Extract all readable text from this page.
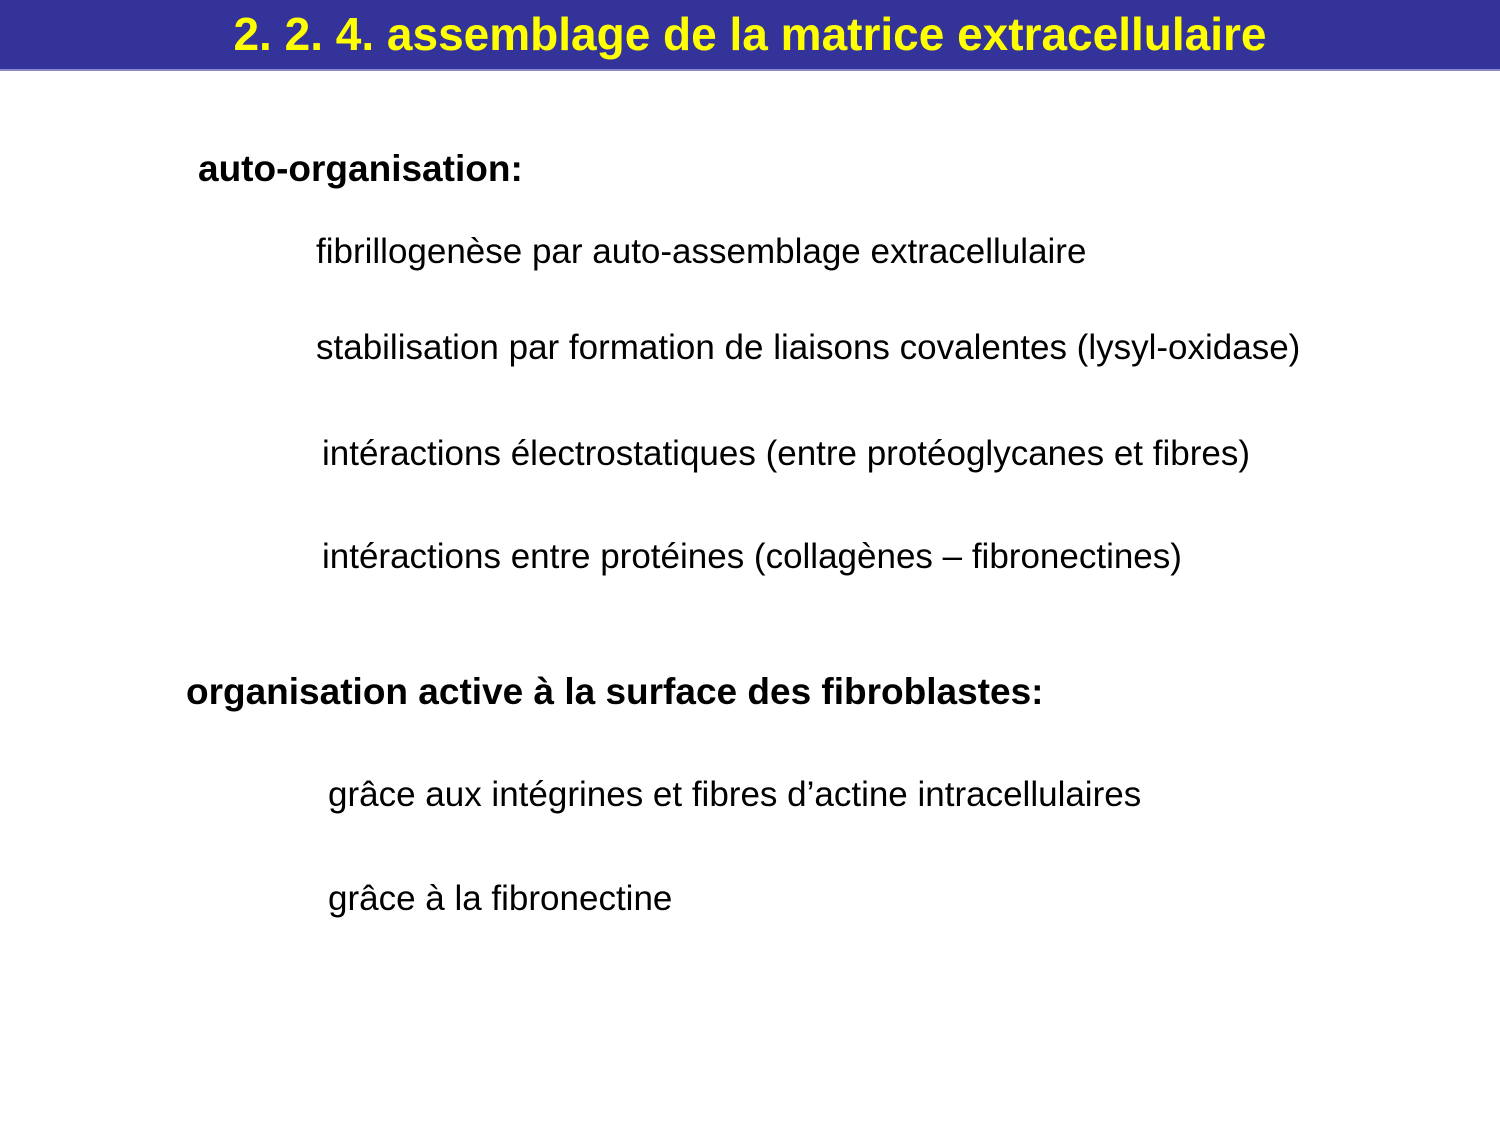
2. 2. 4. assemblage de la matrice extracellulaire
auto-organisation:
fibrillogenèse par auto-assemblage extracellulaire
stabilisation par formation de liaisons covalentes (lysyl-oxidase)
intéractions électrostatiques (entre protéoglycanes et fibres)
intéractions entre protéines (collagènes – fibronectines)
organisation active à la surface des fibroblastes:
grâce aux intégrines et fibres d’actine intracellulaires
grâce à la fibronectine
